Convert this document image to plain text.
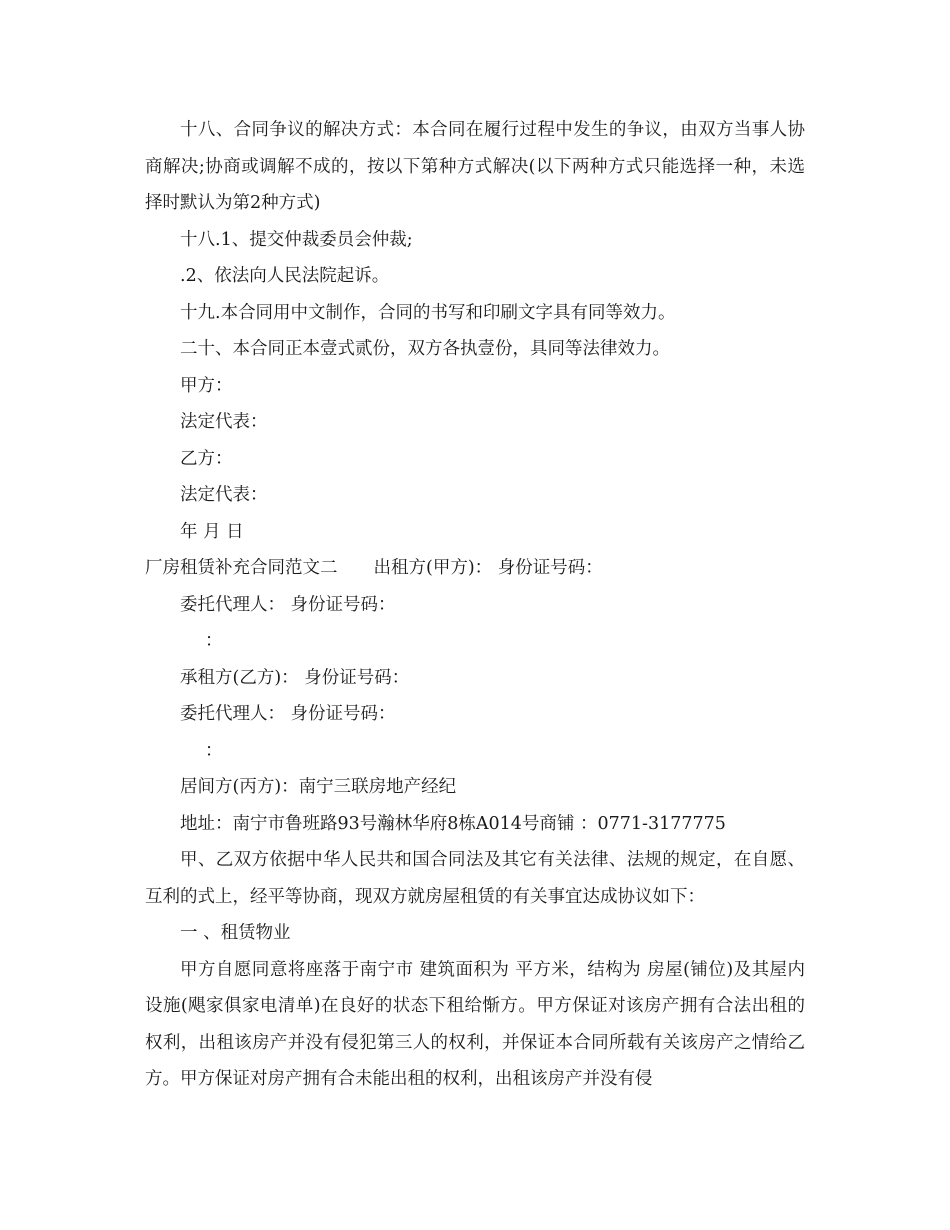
十八、合同争议的解决方式：本合同在履行过程中发生的争议，由双方当事人协商解决;协商或调解不成的，按以下第种方式解决(以下两种方式只能选择一种，未选择时默认为第2种方式)

十八.1、提交仲裁委员会仲裁;

.2、依法向人民法院起诉。

十九.本合同用中文制作，合同的书写和印刷文字具有同等效力。

二十、本合同正本壹式贰份，双方各执壹份，具同等法律效力。

甲方：

法定代表：

乙方：

法定代表：

年 月 日

厂房租赁补充合同范文二 出租方(甲方)： 身份证号码：

委托代理人： 身份证号码：

：

承租方(乙方)： 身份证号码：

委托代理人： 身份证号码：

：

居间方(丙方)：南宁三联房地产经纪

地址：南宁市鲁班路93号瀚林华府8栋A014号商铺 ：0771-3177775

甲、乙双方依据中华人民共和国合同法及其它有关法律、法规的规定，在自愿、互利的式上，经平等协商，现双方就房屋租赁的有关事宜达成协议如下：

一 、租赁物业

甲方自愿同意将座落于南宁市 建筑面积为 平方米，结构为 房屋(铺位)及其屋内设施(飓家俱家电清单)在良好的状态下租给惭方。甲方保证对该房产拥有合法出租的权利，出租该房产并没有侵犯第三人的权利，并保证本合同所载有关该房产之情给乙方。甲方保证对房产拥有合未能出租的权利，出租该房产并没有侵
